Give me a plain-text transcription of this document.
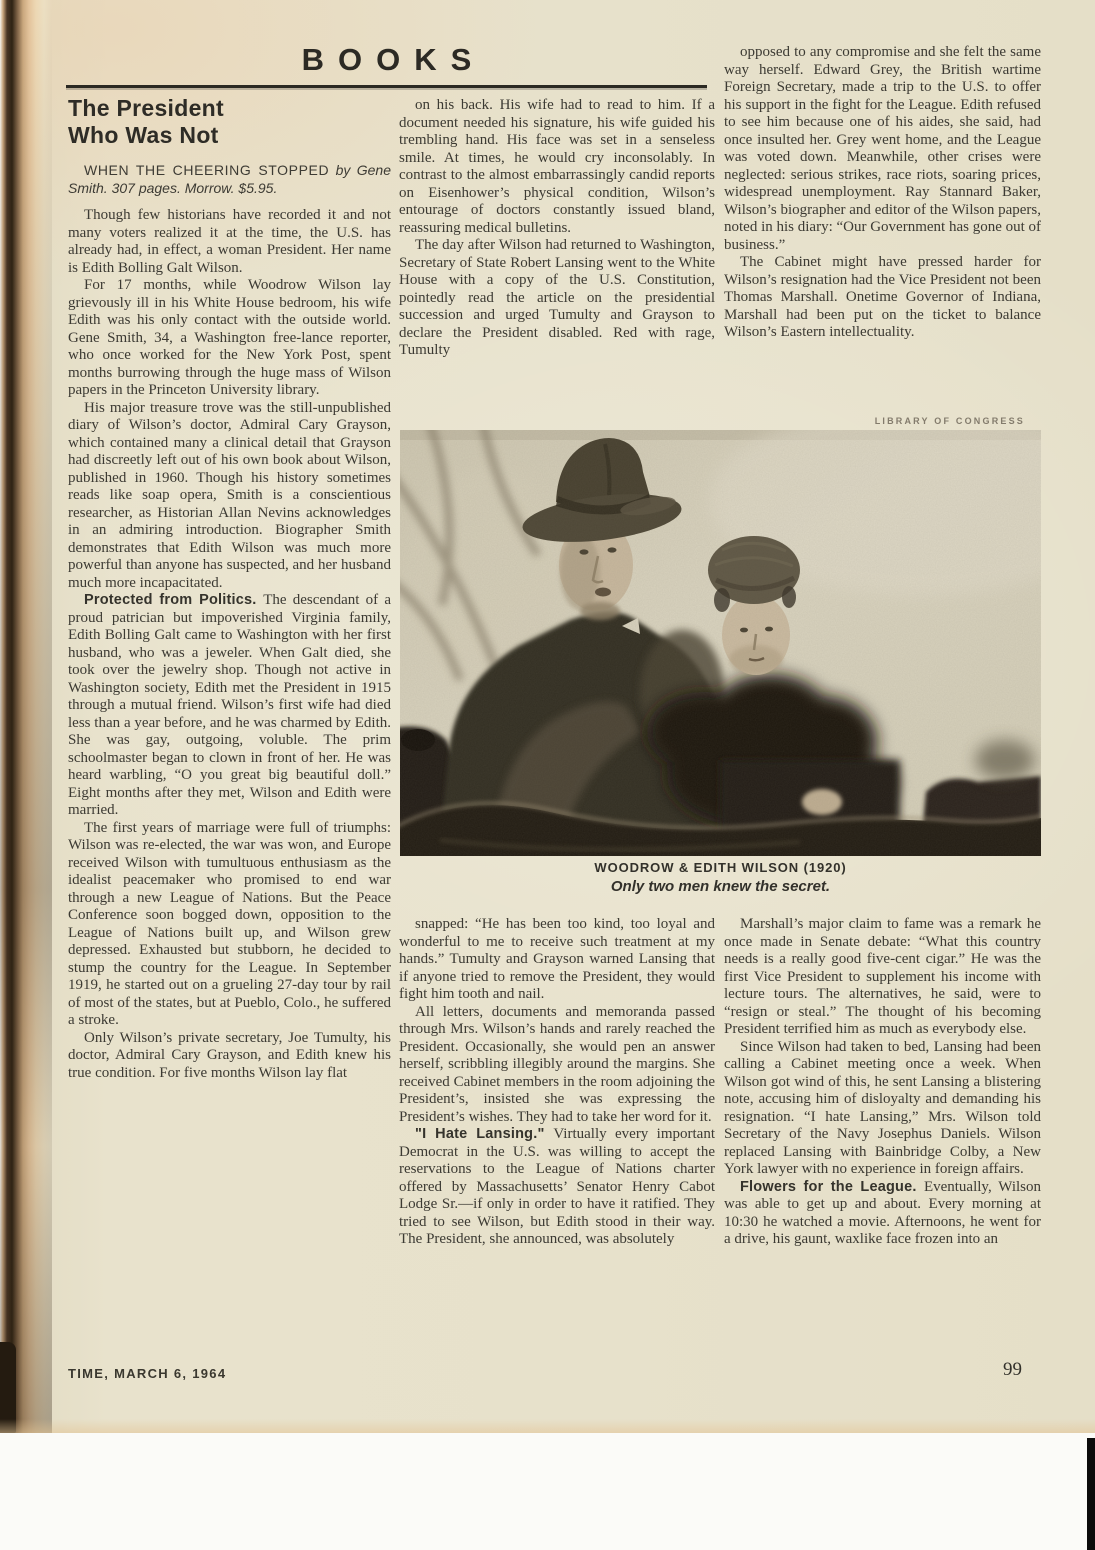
BOOKS
The President
Who Was Not

WHEN THE CHEERING STOPPED by Gene Smith. 307 pages. Morrow. $5.95.

Though few historians have recorded it and not many voters realized it at the time, the U.S. has already had, in effect, a woman President. Her name is Edith Bolling Galt Wilson.

For 17 months, while Woodrow Wilson lay grievously ill in his White House bedroom, his wife Edith was his only contact with the outside world. Gene Smith, 34, a Washington free-lance reporter, who once worked for the New York Post, spent months burrowing through the huge mass of Wilson papers in the Princeton University library.

His major treasure trove was the still-unpublished diary of Wilson’s doctor, Admiral Cary Grayson, which contained many a clinical detail that Grayson had discreetly left out of his own book about Wilson, published in 1960. Though his history sometimes reads like soap opera, Smith is a conscientious researcher, as Historian Allan Nevins acknowledges in an admiring introduction. Biographer Smith demonstrates that Edith Wilson was much more powerful than anyone has suspected, and her husband much more incapacitated.

Protected from Politics. The descendant of a proud patrician but impoverished Virginia family, Edith Bolling Galt came to Washington with her first husband, who was a jeweler. When Galt died, she took over the jewelry shop. Though not active in Washington society, Edith met the President in 1915 through a mutual friend. Wilson’s first wife had died less than a year before, and he was charmed by Edith. She was gay, outgoing, voluble. The prim schoolmaster began to clown in front of her. He was heard warbling, “O you great big beautiful doll.” Eight months after they met, Wilson and Edith were married.

The first years of marriage were full of triumphs: Wilson was re-elected, the war was won, and Europe received Wilson with tumultuous enthusiasm as the idealist peacemaker who promised to end war through a new League of Nations. But the Peace Conference soon bogged down, opposition to the League of Nations built up, and Wilson grew depressed. Exhausted but stubborn, he decided to stump the country for the League. In September 1919, he started out on a grueling 27-day tour by rail of most of the states, but at Pueblo, Colo., he suffered a stroke.

Only Wilson’s private secretary, Joe Tumulty, his doctor, Admiral Cary Grayson, and Edith knew his true condition. For five months Wilson lay flat

on his back. His wife had to read to him. If a document needed his signature, his wife guided his trembling hand. His face was set in a senseless smile. At times, he would cry inconsolably. In contrast to the almost embarrassingly candid reports on Eisenhower’s physical condition, Wilson’s entourage of doctors constantly issued bland, reassuring medical bulletins.

The day after Wilson had returned to Washington, Secretary of State Robert Lansing went to the White House with a copy of the U.S. Constitution, pointedly read the article on the presidential succession and urged Tumulty and Grayson to declare the President disabled. Red with rage, Tumulty

opposed to any compromise and she felt the same way herself. Edward Grey, the British wartime Foreign Secretary, made a trip to the U.S. to offer his support in the fight for the League. Edith refused to see him because one of his aides, she said, had once insulted her. Grey went home, and the League was voted down. Meanwhile, other crises were neglected: serious strikes, race riots, soaring prices, widespread unemployment. Ray Stannard Baker, Wilson’s biographer and editor of the Wilson papers, noted in his diary: “Our Government has gone out of business.”

The Cabinet might have pressed harder for Wilson’s resignation had the Vice President not been Thomas Marshall. Onetime Governor of Indiana, Marshall had been put on the ticket to balance Wilson’s Eastern intellectuality.

LIBRARY OF CONGRESS
WOODROW & EDITH WILSON (1920)
Only two men knew the secret.

snapped: “He has been too kind, too loyal and wonderful to me to receive such treatment at my hands.” Tumulty and Grayson warned Lansing that if anyone tried to remove the President, they would fight him tooth and nail.

All letters, documents and memoranda passed through Mrs. Wilson’s hands and rarely reached the President. Occasionally, she would pen an answer herself, scribbling illegibly around the margins. She received Cabinet members in the room adjoining the President’s, insisted she was expressing the President’s wishes. They had to take her word for it.

"I Hate Lansing." Virtually every important Democrat in the U.S. was willing to accept the reservations to the League of Nations charter offered by Massachusetts’ Senator Henry Cabot Lodge Sr.—if only in order to have it ratified. They tried to see Wilson, but Edith stood in their way. The President, she announced, was absolutely

Marshall’s major claim to fame was a remark he once made in Senate debate: “What this country needs is a really good five-cent cigar.” He was the first Vice President to supplement his income with lecture tours. The alternatives, he said, were to “resign or steal.” The thought of his becoming President terrified him as much as everybody else.

Since Wilson had taken to bed, Lansing had been calling a Cabinet meeting once a week. When Wilson got wind of this, he sent Lansing a blistering note, accusing him of disloyalty and demanding his resignation. “I hate Lansing,” Mrs. Wilson told Secretary of the Navy Josephus Daniels. Wilson replaced Lansing with Bainbridge Colby, a New York lawyer with no experience in foreign affairs.

Flowers for the League. Eventually, Wilson was able to get up and about. Every morning at 10:30 he watched a movie. Afternoons, he went for a drive, his gaunt, waxlike face frozen into an

TIME, MARCH 6, 1964	99
